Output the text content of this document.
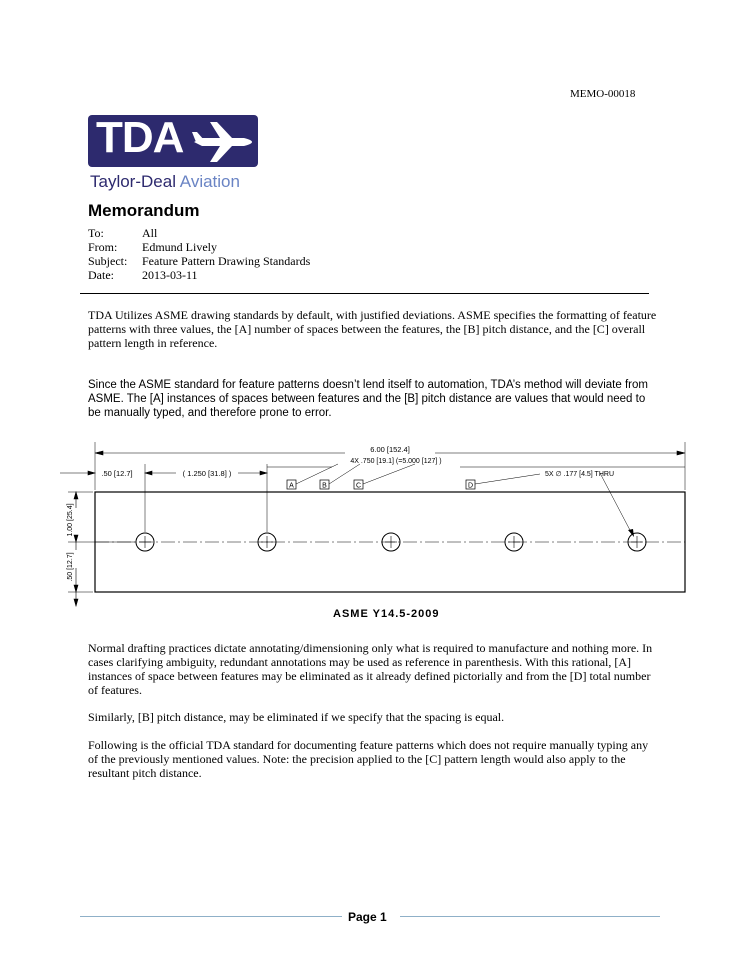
MEMO-00018
TDA
Taylor-Deal Aviation
Memorandum
To:	All
From: Edmund Lively
Subject: Feature Pattern Drawing Standards
Date: 2013-03-11
TDA Utilizes ASME drawing standards by default, with justified deviations. ASME specifies the formatting of feature patterns with three values, the [A] number of spaces between the features, the [B] pitch distance, and the [C] overall pattern length in reference.
Since the ASME standard for feature patterns doesn’t lend itself to automation, TDA’s method will deviate from ASME. The [A] instances of spaces between features and the [B] pitch distance are values that would need to be manually typed, and therefore prone to error.
6.00 [152.4]
.50 [12.7]	( 1.250 [31.8] )
4X .750 [19.1] (=5.000 [127] )
5X ∅ .177 [4.5] THRU
1.00 [25.4]
.50 [12.7]
A	B	C	D
ASME Y14.5-2009
Normal drafting practices dictate annotating/dimensioning only what is required to manufacture and nothing more. In cases clarifying ambiguity, redundant annotations may be used as reference in parenthesis. With this rational, [A] instances of space between features may be eliminated as it already defined pictorially and from the [D] total number of features.
Similarly, [B] pitch distance, may be eliminated if we specify that the spacing is equal.
Following is the official TDA standard for documenting feature patterns which does not require manually typing any of the previously mentioned values. Note: the precision applied to the [C] pattern length would also apply to the resultant pitch distance.
Page 1
